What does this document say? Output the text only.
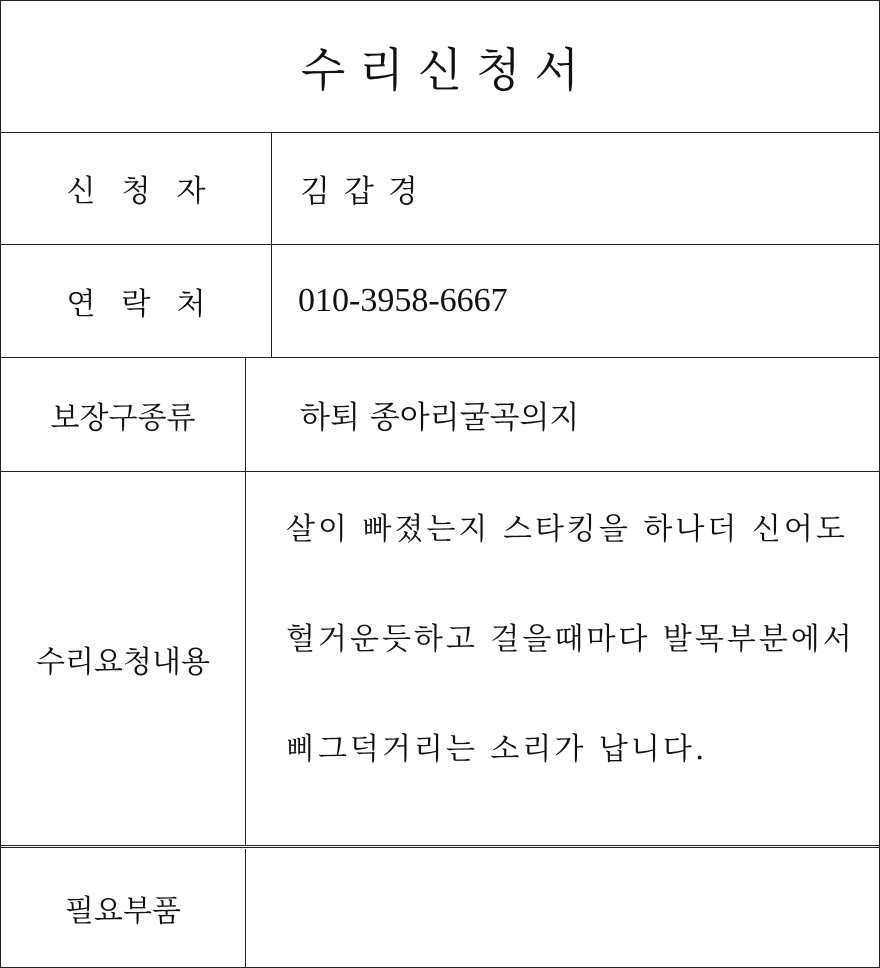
수리신청서
신청자	김갑경
연락처	010-3958-6667
보장구종류	하퇴 종아리굴곡의지
수리요청내용
살이 빠졌는지 스타킹을 하나더 신어도
헐거운듯하고 걸을때마다 발목부분에서
삐그덕거리는 소리가 납니다.
필요부품
